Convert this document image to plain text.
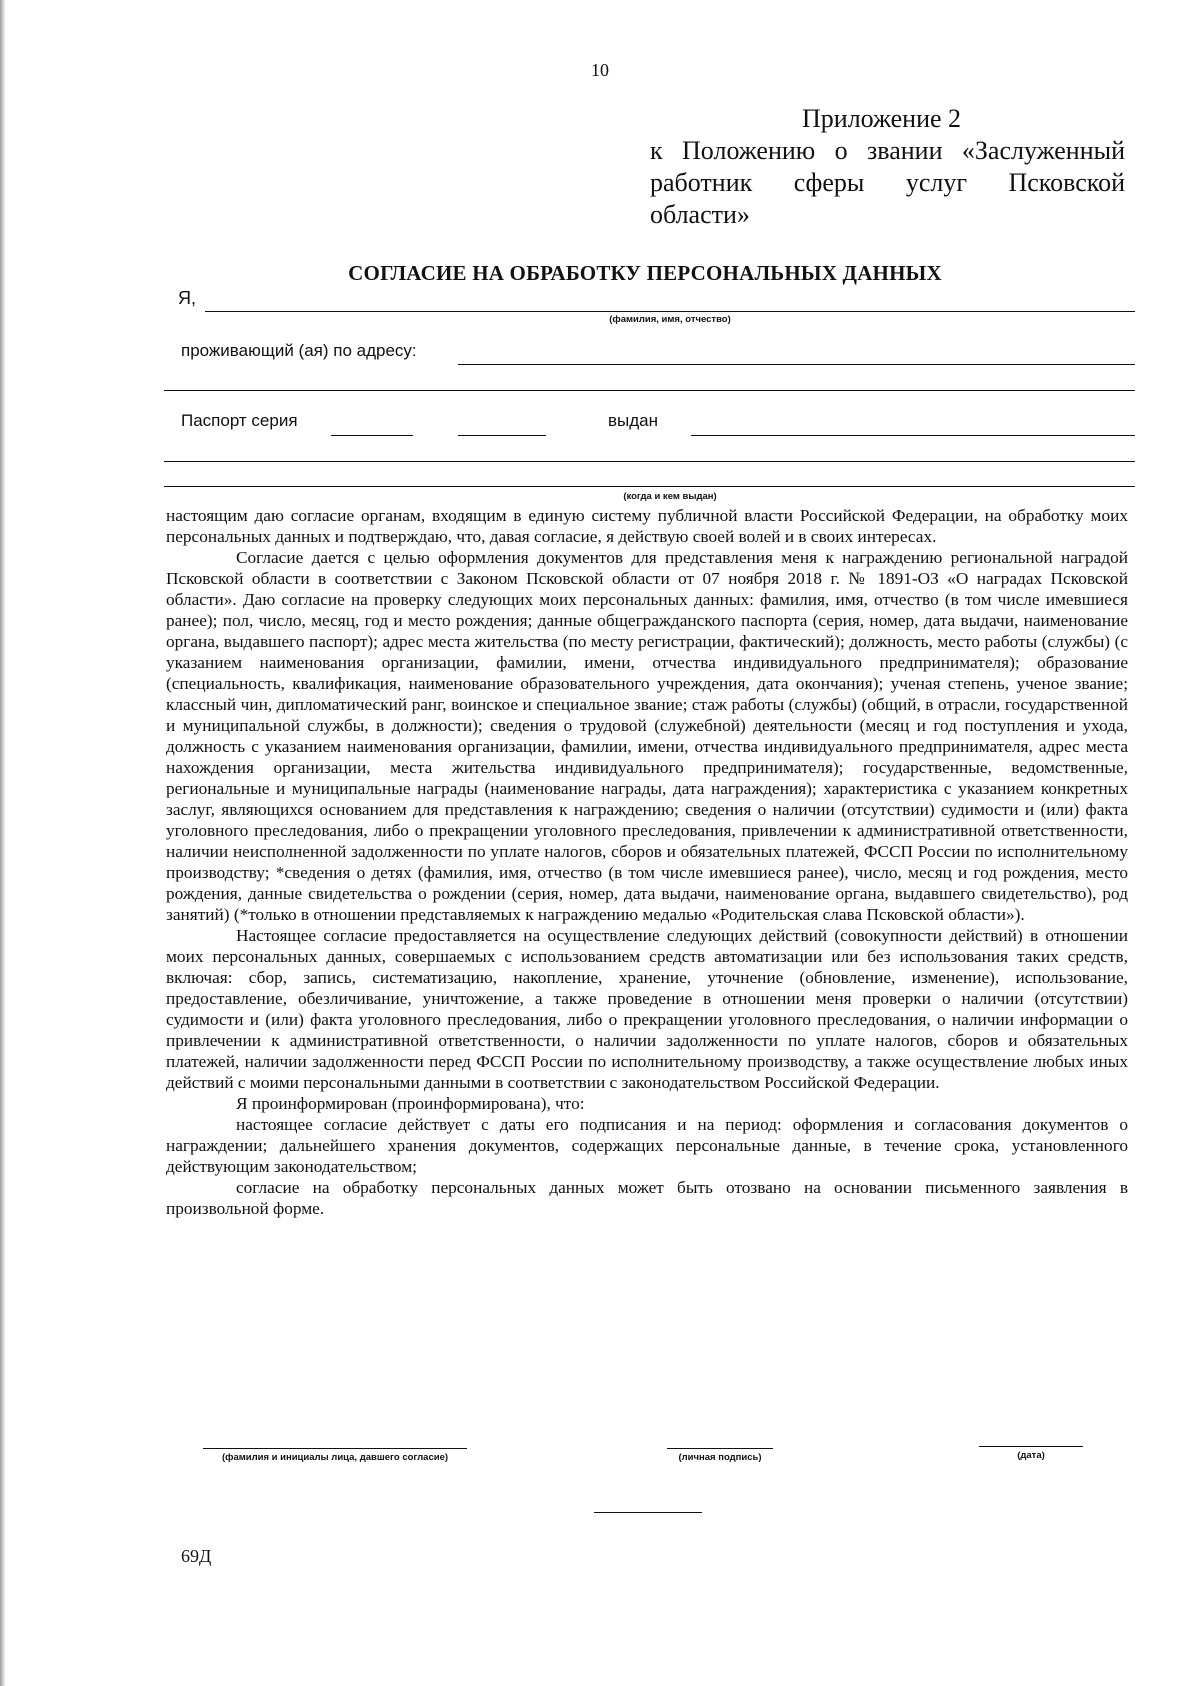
10
Приложение 2
к Положению о звании «Заслуженный
работник сферы услуг Псковской
области»
СОГЛАСИЕ НА ОБРАБОТКУ ПЕРСОНАЛЬНЫХ ДАННЫХ
Я,
(фамилия, имя, отчество)
проживающий (ая) по адресу:
Паспорт серия	выдан
(когда и кем выдан)

настоящим даю согласие органам, входящим в единую систему публичной власти Российской Федерации, на обработку моих персональных данных и подтверждаю, что, давая согласие, я действую своей волей и в своих интересах.

Согласие дается с целью оформления документов для представления меня к награждению региональной наградой Псковской области в соответствии с Законом Псковской области от 07 ноября 2018 г. № 1891-ОЗ «О наградах Псковской области». Даю согласие на проверку следующих моих персональных данных: фамилия, имя, отчество (в том числе имевшиеся ранее); пол, число, месяц, год и место рождения; данные общегражданского паспорта (серия, номер, дата выдачи, наименование органа, выдавшего паспорт); адрес места жительства (по месту регистрации, фактический); должность, место работы (службы) (с указанием наименования организации, фамилии, имени, отчества индивидуального предпринимателя); образование (специальность, квалификация, наименование образовательного учреждения, дата окончания); ученая степень, ученое звание; классный чин, дипломатический ранг, воинское и специальное звание; стаж работы (службы) (общий, в отрасли, государственной и муниципальной службы, в должности); сведения о трудовой (служебной) деятельности (месяц и год поступления и ухода, должность с указанием наименования организации, фамилии, имени, отчества индивидуального предпринимателя, адрес места нахождения организации, места жительства индивидуального предпринимателя); государственные, ведомственные, региональные и муниципальные награды (наименование награды, дата награждения); характеристика с указанием конкретных заслуг, являющихся основанием для представления к награждению; сведения о наличии (отсутствии) судимости и (или) факта уголовного преследования, либо о прекращении уголовного преследования, привлечении к административной ответственности, наличии неисполненной задолженности по уплате налогов, сборов и обязательных платежей, ФССП России по исполнительному производству; *сведения о детях (фамилия, имя, отчество (в том числе имевшиеся ранее), число, месяц и год рождения, место рождения, данные свидетельства о рождении (серия, номер, дата выдачи, наименование органа, выдавшего свидетельство), род занятий) (*только в отношении представляемых к награждению медалью «Родительская слава Псковской области»).

Настоящее согласие предоставляется на осуществление следующих действий (совокупности действий) в отношении моих персональных данных, совершаемых с использованием средств автоматизации или без использования таких средств, включая: сбор, запись, систематизацию, накопление, хранение, уточнение (обновление, изменение), использование, предоставление, обезличивание, уничтожение, а также проведение в отношении меня проверки о наличии (отсутствии) судимости и (или) факта уголовного преследования, либо о прекращении уголовного преследования, о наличии информации о привлечении к административной ответственности, о наличии задолженности по уплате налогов, сборов и обязательных платежей, наличии задолженности перед ФССП России по исполнительному производству, а также осуществление любых иных действий с моими персональными данными в соответствии с законодательством Российской Федерации.

Я проинформирован (проинформирована), что:

настоящее согласие действует с даты его подписания и на период: оформления и согласования документов о награждении; дальнейшего хранения документов, содержащих персональные данные, в течение срока, установленного действующим законодательством;

согласие на обработку персональных данных может быть отозвано на основании письменного заявления в произвольной форме.

(фамилия и инициалы лица, давшего согласие)	(личная подпись)	(дата)
69Д
